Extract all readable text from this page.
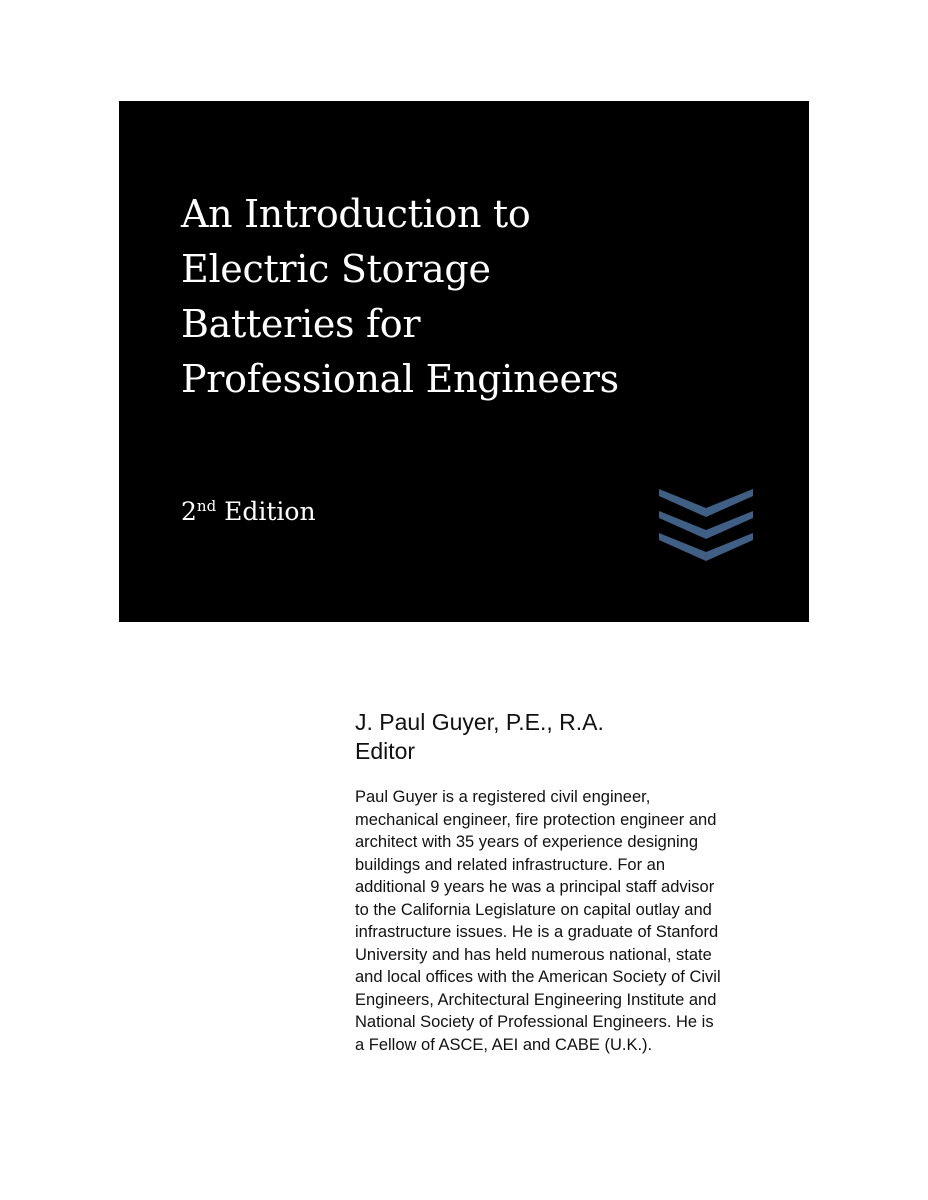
An Introduction to
Electric Storage
Batteries for
Professional Engineers
2nd Edition
J. Paul Guyer, P.E., R.A.
Editor
Paul Guyer is a registered civil engineer,
mechanical engineer, fire protection engineer and
architect with 35 years of experience designing
buildings and related infrastructure. For an
additional 9 years he was a principal staff advisor
to the California Legislature on capital outlay and
infrastructure issues. He is a graduate of Stanford
University and has held numerous national, state
and local offices with the American Society of Civil
Engineers, Architectural Engineering Institute and
National Society of Professional Engineers. He is
a Fellow of ASCE, AEI and CABE (U.K.).
